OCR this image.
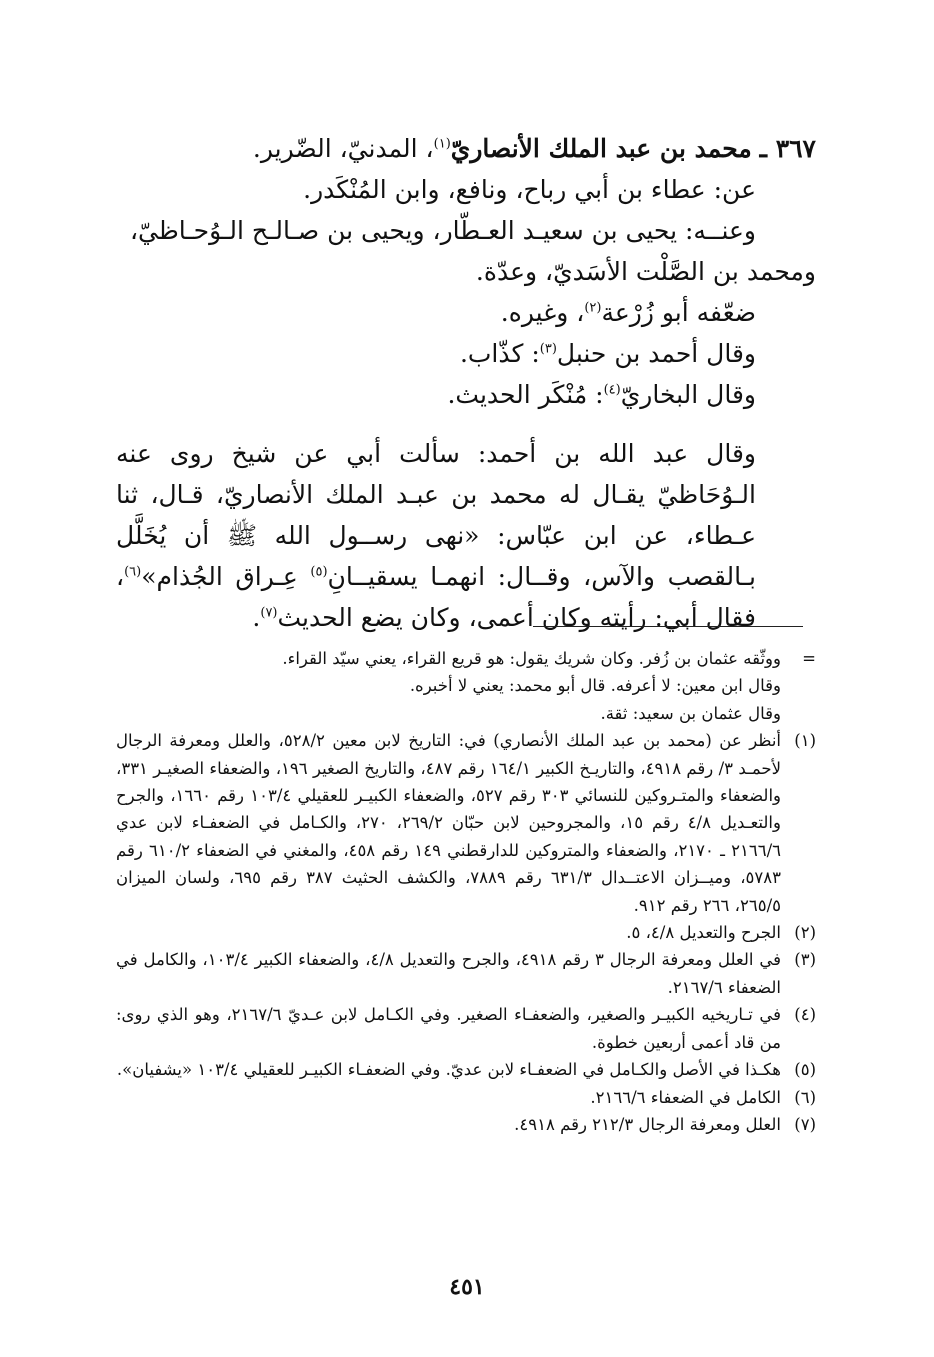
٣٦٧ ـ محمد بن عبد الملك الأنصاريّ$^{(١)}$، المدنيّ، الضّرير.

عن: عطاء بن أبي رباح، ونافع، وابن المُنْكَدر.

وعنــه: يحيى بن سعيـد العـطّار، ويحيى بن صـالـح الـوُحـاظيّ،

ومحمد بن الصَّلْت الأسَديّ، وعدّة.

ضعّفه أبو زُرْعة$^{(٢)}$، وغيره.

وقال أحمد بن حنبل$^{(٣)}$: كذّاب.

وقال البخاريّ$^{(٤)}$: مُنْكَر الحديث.

وقال عبد الله بن أحمد: سألت أبي عن شيخ روى عنه الـوُحَاظيّ يقـال له محمد بن عبـد الملك الأنصاريّ، قـال، ثنا عـطاء، عن ابن عبّاس: «نهى رســول الله ﷺ أن يُخَلَّل بـالقصب والآس، وقــال: انهمـا يسقيــانِ$^{(٥)}$ عِـراق الجُذام»$^{(٦)}$، فقال أبي: رأيته وكان أعمى، وكان يضع الحديث$^{(٧)}$.

=
ووثّقه عثمان بن زُفر. وكان شريك يقول: هو قريع القراء، يعني سيّد القراء.
وقال ابن معين: لا أعرفه. قال أبو محمد: يعني لا أخبره.
وقال عثمان بن سعيد: ثقة.
(١)
أنظر عن (محمد بن عبد الملك الأنصاري) في: التاريخ لابن معين ٥٢٨/٢، والعلل ومعرفة الرجال لأحمـد ٣/ رقم ٤٩١٨، والتاريـخ الكبير ١٦٤/١ رقم ٤٨٧، والتاريخ الصغير ١٩٦، والضعفاء الصغيـر ٣٣١، والضعفاء والمتـروكين للنسائي ٣٠٣ رقم ٥٢٧، والضعفاء الكبيـر للعقيلي ١٠٣/٤ رقم ١٦٦٠، والجرح والتعـديل ٤/٨ رقم ١٥، والمجروحين لابن حبّان ٢٦٩/٢، ٢٧٠، والكـامل في الضعفـاء لابن عدي ٢١٦٦/٦ ـ ٢١٧٠، والضعفاء والمتروكين للدارقطني ١٤٩ رقم ٤٥٨، والمغني في الضعفاء ٦١٠/٢ رقم ٥٧٨٣، وميــزان الاعتــدال ٦٣١/٣ رقم ٧٨٨٩، والكشف الحثيث ٣٨٧ رقم ٦٩٥، ولسان الميزان ٢٦٥/٥، ٢٦٦ رقم ٩١٢.
(٢)
الجرح والتعديل ٤/٨، ٥.
(٣)
في العلل ومعرفة الرجال ٣ رقم ٤٩١٨، والجرح والتعديل ٤/٨، والضعفاء الكبير ١٠٣/٤، والكامل في الضعفاء ٢١٦٧/٦.
(٤)
في تـاريخيه الكبيـر والصغير، والضعفـاء الصغير. وفي الكـامل لابن عـديّ ٢١٦٧/٦، وهو الذي روى: من قاد أعمى أربعين خطوة.
(٥)
هكـذا في الأصل والكـامل في الضعفـاء لابن عديّ. وفي الضعفـاء الكبيـر للعقيلي ١٠٣/٤ «يشفيان».
(٦)
الكامل في الضعفاء ٢١٦٦/٦.
(٧)
العلل ومعرفة الرجال ٢١٢/٣ رقم ٤٩١٨.
٤٥١
